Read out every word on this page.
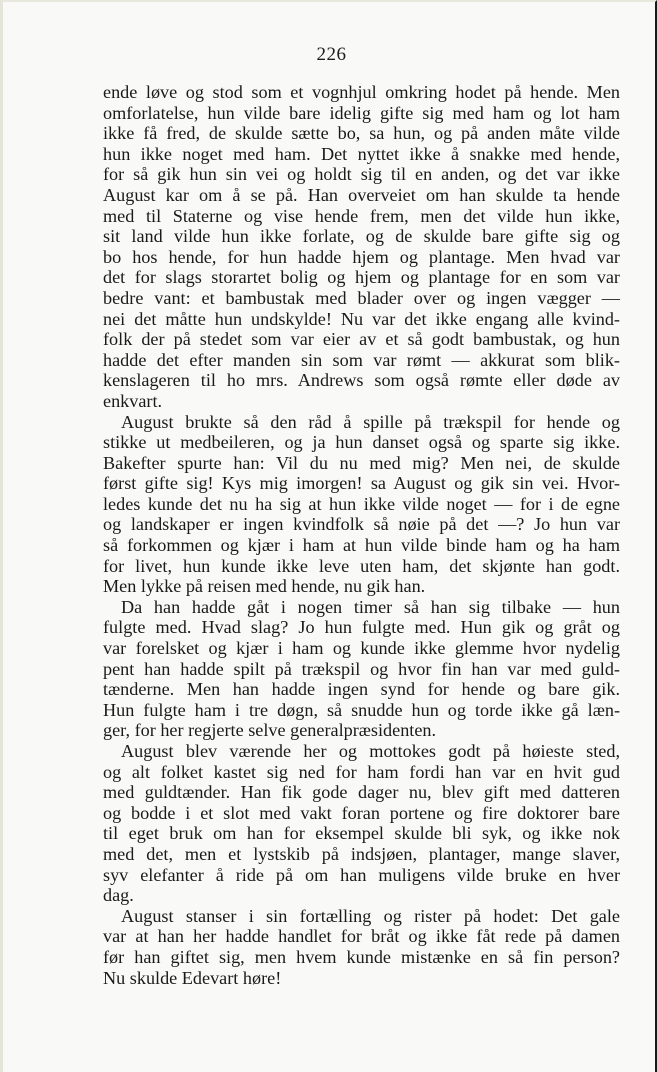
226
ende løve og stod som et vognhjul omkring hodet på hende. Men
omforlatelse, hun vilde bare idelig gifte sig med ham og lot ham
ikke få fred, de skulde sætte bo, sa hun, og på anden måte vilde
hun ikke noget med ham. Det nyttet ikke å snakke med hende,
for så gik hun sin vei og holdt sig til en anden, og det var ikke
August kar om å se på. Han overveiet om han skulde ta hende
med til Staterne og vise hende frem, men det vilde hun ikke,
sit land vilde hun ikke forlate, og de skulde bare gifte sig og
bo hos hende, for hun hadde hjem og plantage. Men hvad var
det for slags storartet bolig og hjem og plantage for en som var
bedre vant: et bambustak med blader over og ingen vægger —
nei det måtte hun undskylde! Nu var det ikke engang alle kvind-
folk der på stedet som var eier av et så godt bambustak, og hun
hadde det efter manden sin som var rømt — akkurat som blik-
kenslageren til ho mrs. Andrews som også rømte eller døde av
enkvart.
August brukte så den råd å spille på trækspil for hende og
stikke ut medbeileren, og ja hun danset også og sparte sig ikke.
Bakefter spurte han: Vil du nu med mig? Men nei, de skulde
først gifte sig! Kys mig imorgen! sa August og gik sin vei. Hvor-
ledes kunde det nu ha sig at hun ikke vilde noget — for i de egne
og landskaper er ingen kvindfolk så nøie på det —? Jo hun var
så forkommen og kjær i ham at hun vilde binde ham og ha ham
for livet, hun kunde ikke leve uten ham, det skjønte han godt.
Men lykke på reisen med hende, nu gik han.
Da han hadde gåt i nogen timer så han sig tilbake — hun
fulgte med. Hvad slag? Jo hun fulgte med. Hun gik og gråt og
var forelsket og kjær i ham og kunde ikke glemme hvor nydelig
pent han hadde spilt på trækspil og hvor fin han var med guld-
tænderne. Men han hadde ingen synd for hende og bare gik.
Hun fulgte ham i tre døgn, så snudde hun og torde ikke gå læn-
ger, for her regjerte selve generalpræsidenten.
August blev værende her og mottokes godt på høieste sted,
og alt folket kastet sig ned for ham fordi han var en hvit gud
med guldtænder. Han fik gode dager nu, blev gift med datteren
og bodde i et slot med vakt foran portene og fire doktorer bare
til eget bruk om han for eksempel skulde bli syk, og ikke nok
med det, men et lystskib på indsjøen, plantager, mange slaver,
syv elefanter å ride på om han muligens vilde bruke en hver
dag.
August stanser i sin fortælling og rister på hodet: Det gale
var at han her hadde handlet for bråt og ikke fåt rede på damen
før han giftet sig, men hvem kunde mistænke en så fin person?
Nu skulde Edevart høre!
